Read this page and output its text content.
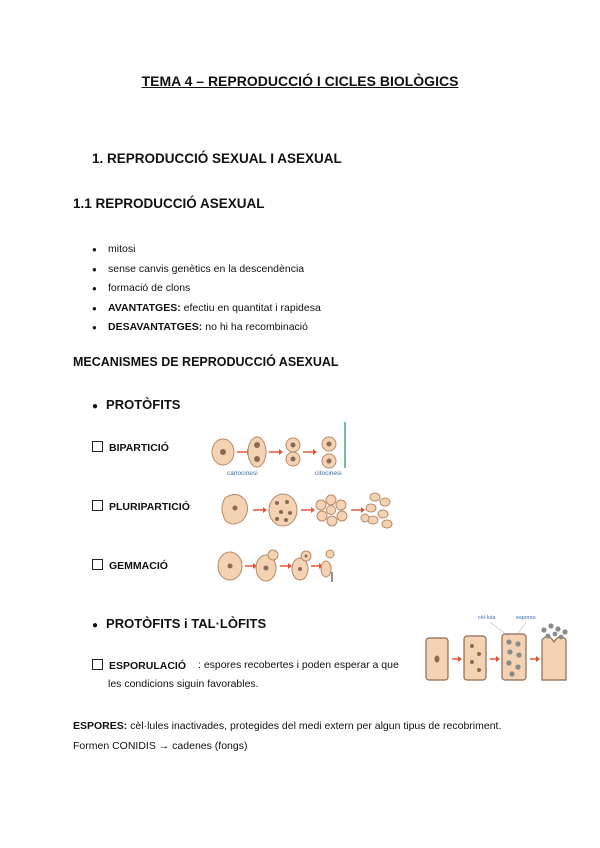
TEMA 4 – REPRODUCCIÓ I CICLES BIOLÒGICS
1. REPRODUCCIÓ SEXUAL I ASEXUAL
1.1 REPRODUCCIÓ ASEXUAL
● mitosi
● sense canvis genètics en la descendència
● formació de clons
● AVANTATGES: efectiu en quantitat i rapidesa
● DESAVANTATGES: no hi ha recombinació
MECANISMES DE REPRODUCCIÓ ASEXUAL
● PROTÒFITS
BIPARTICIÓ
PLURIPARTICIÓ
GEMMACIÓ
cariocinesi	citocinesi
● PROTÒFITS i TAL·LÒFITS
ESPORULACIÓ	: espores recobertes i poden esperar a que les condicions siguin favorables.
cèl·lula	espores
ESPORES: cèl·lules inactivades, protegides del medi extern per algun tipus de recobriment.
Formen CONIDIS → cadenes (fongs)
